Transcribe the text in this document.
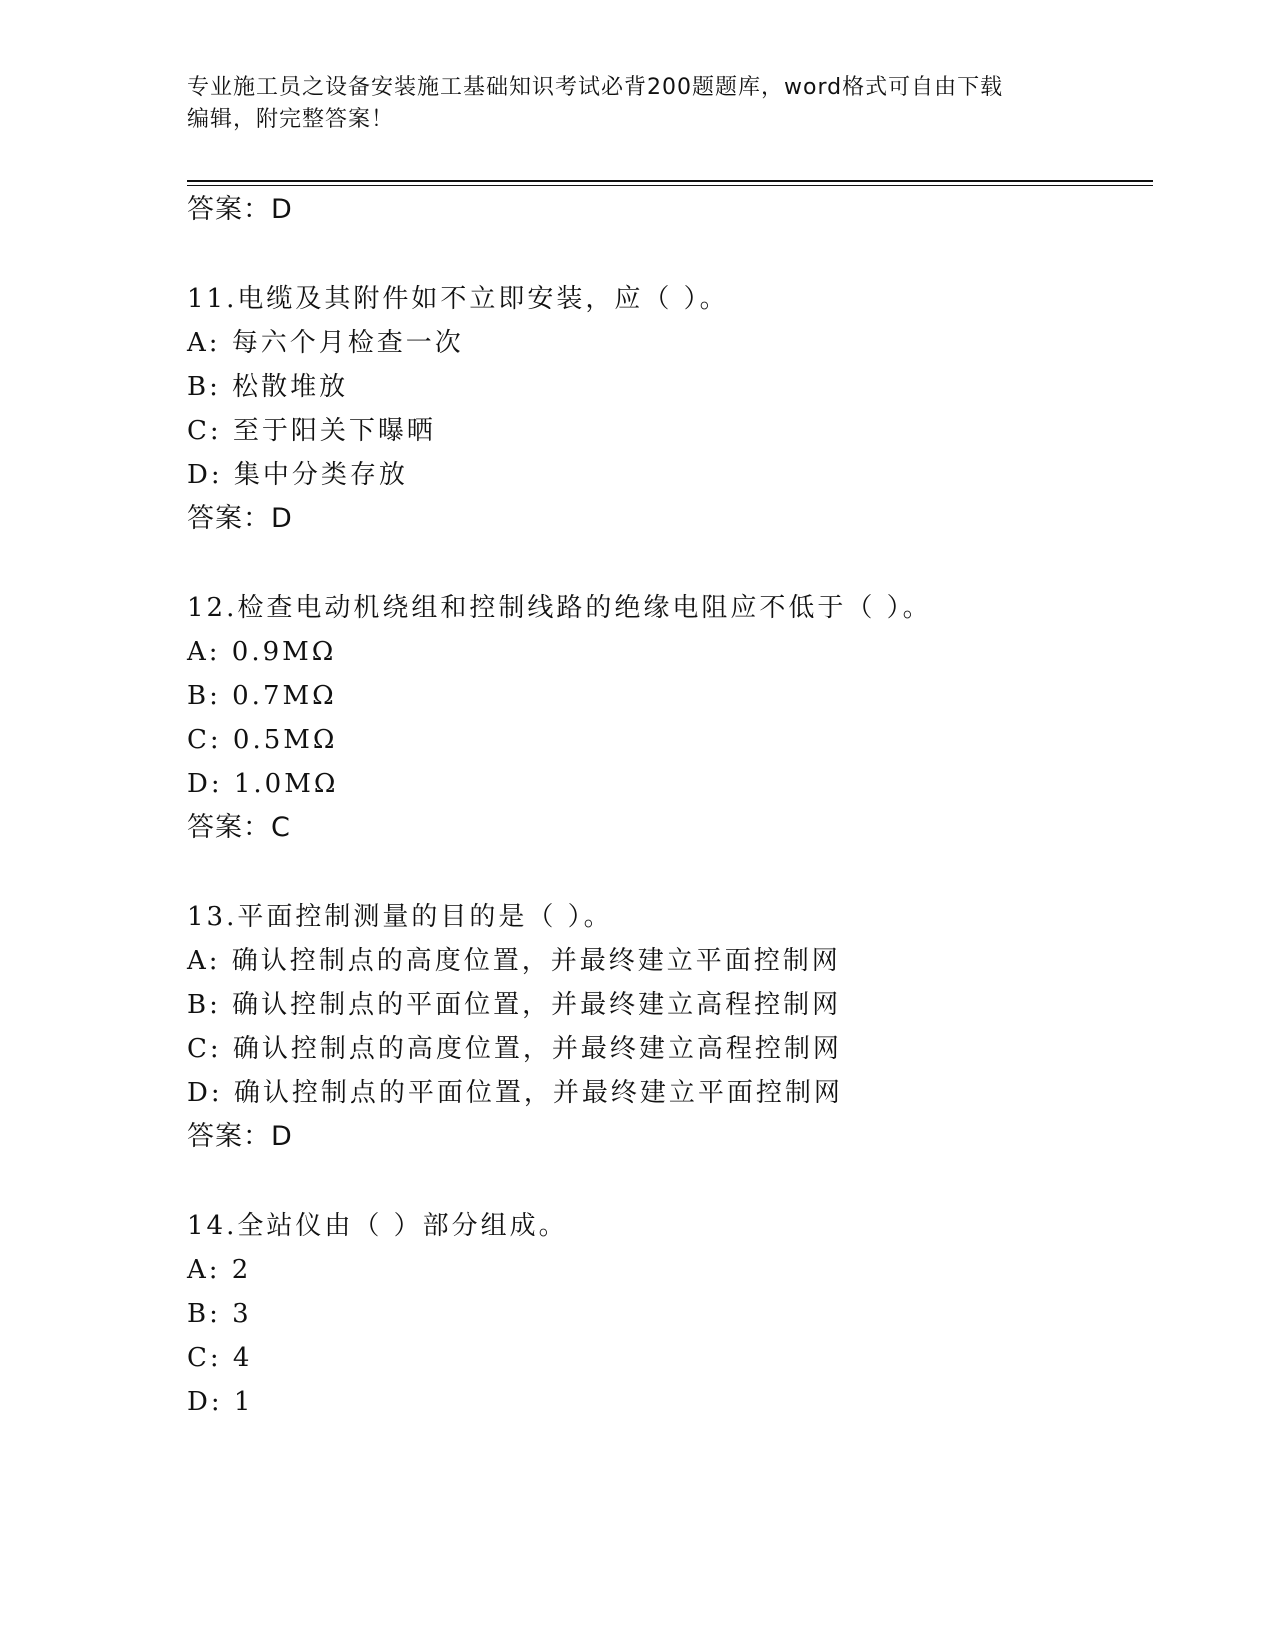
专业施工员之设备安装施工基础知识考试必背200题题库，word格式可自由下载
编辑，附完整答案！
答案：D
11.电缆及其附件如不立即安装，应（ ）。
A: 每六个月检查一次
B: 松散堆放
C: 至于阳关下曝晒
D: 集中分类存放
答案：D
12.检查电动机绕组和控制线路的绝缘电阻应不低于（ ）。
A: 0.9MΩ
B: 0.7MΩ
C: 0.5MΩ
D: 1.0MΩ
答案：C
13.平面控制测量的目的是（ ）。
A: 确认控制点的高度位置，并最终建立平面控制网
B: 确认控制点的平面位置，并最终建立高程控制网
C: 确认控制点的高度位置，并最终建立高程控制网
D: 确认控制点的平面位置，并最终建立平面控制网
答案：D
14.全站仪由（ ）部分组成。
A: 2
B: 3
C: 4
D: 1
